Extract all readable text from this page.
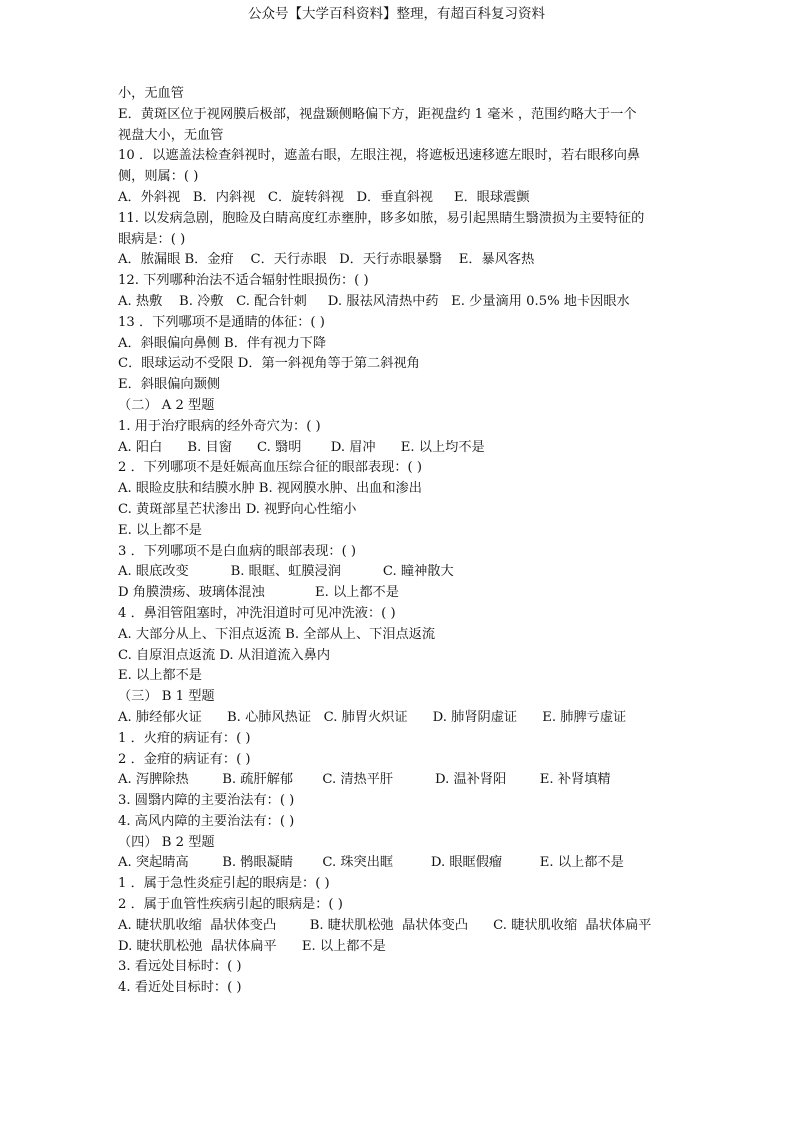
公众号【大学百科资料】整理，有超百科复习资料
小，无血管
E．黄斑区位于视网膜后极部，视盘颞侧略偏下方，距视盘约 1 毫米 ，范围约略大于一个
视盘大小，无血管
10 ．以遮盖法检查斜视时，遮盖右眼，左眼注视，将遮板迅速移遮左眼时，若右眼移向鼻
侧，则属：( )
A．外斜视   B．内斜视   C．旋转斜视   D．垂直斜视     E．眼球震颤
11. 以发病急剧，胞睑及白睛高度红赤壅肿，眵多如脓，易引起黑睛生翳溃损为主要特征的
眼病是：( )
A．脓漏眼 B．金疳    C．天行赤眼   D．天行赤眼暴翳    E．暴风客热
12. 下列哪种治法不适合辐射性眼损伤：( )
A. 热敷    B. 冷敷   C. 配合针刺     D. 服祛风清热中药   E. 少量滴用 0.5% 地卡因眼水
13 ．下列哪项不是通睛的体征：( )
A．斜眼偏向鼻侧 B．伴有视力下降
C．眼球运动不受限 D．第一斜视角等于第二斜视角
E．斜眼偏向颞侧
（二） A 2 型题
1. 用于治疗眼病的经外奇穴为：( )
A. 阳白      B. 目窗      C. 翳明       D. 眉冲      E. 以上均不是
2 ．下列哪项不是妊娠高血压综合征的眼部表现：( )
A. 眼睑皮肤和结膜水肿 B. 视网膜水肿、出血和渗出
C. 黄斑部星芒状渗出 D. 视野向心性缩小
E. 以上都不是
3 ．下列哪项不是白血病的眼部表现：( )
A. 眼底改变          B. 眼眶、虹膜浸润          C. 瞳神散大
D 角膜溃疡、玻璃体混浊            E. 以上都不是
4 ．鼻泪管阻塞时，冲洗泪道时可见冲洗液：( )
A. 大部分从上、下泪点返流 B. 全部从上、下泪点返流
C. 自原泪点返流 D. 从泪道流入鼻内
E. 以上都不是
（三） B 1 型题
A. 肺经郁火证      B. 心肺风热证   C. 肺胃火炽证      D. 肺肾阴虚证      E. 肺脾亏虚证
1 ．火疳的病证有：( )
2 ．金疳的病证有：( )
A. 泻脾除热        B. 疏肝解郁       C. 清热平肝          D. 温补肾阳        E. 补肾填精
3. 圆翳内障的主要治法有：( )
4. 高风内障的主要治法有：( )
（四） B 2 型题
A. 突起睛高        B. 鹘眼凝睛       C. 珠突出眶         D. 眼眶假瘤         E. 以上都不是
1 ．属于急性炎症引起的眼病是：( )
2 ．属于血管性疾病引起的眼病是：( )
A. 睫状肌收缩  晶状体变凸        B. 睫状肌松弛  晶状体变凸      C. 睫状肌收缩  晶状体扁平
D. 睫状肌松弛  晶状体扁平      E. 以上都不是
3. 看远处目标时：( )
4. 看近处目标时：( )
